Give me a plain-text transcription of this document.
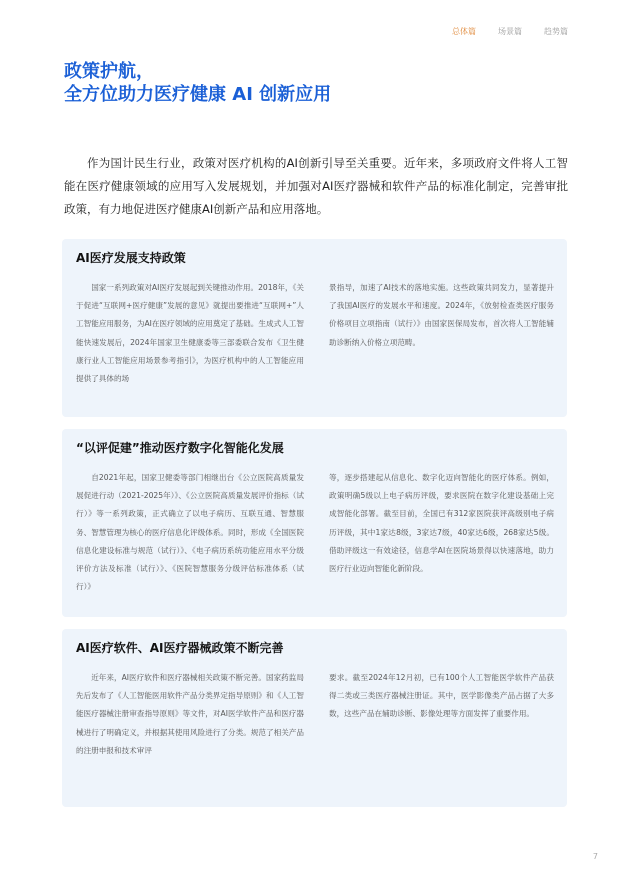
总体篇	场景篇	趋势篇
政策护航，
全方位助力医疗健康 AI 创新应用
作为国计民生行业，政策对医疗机构的AI创新引导至关重要。近年来，多项政府文件将人工智能在医疗健康领域的应用写入发展规划，并加强对AI医疗器械和软件产品的标准化制定，完善审批政策，有力地促进医疗健康AI创新产品和应用落地。
AI医疗发展支持政策
国家一系列政策对AI医疗发展起到关键推动作用。2018年，《关于促进“互联网+医疗健康”发展的意见》就提出要推进“互联网+”人工智能应用服务，为AI在医疗领域的应用奠定了基础。生成式人工智能快速发展后，2024年国家卫生健康委等三部委联合发布《卫生健康行业人工智能应用场景参考指引》，为医疗机构中的人工智能应用提供了具体的场
景指导，加速了AI技术的落地实施。这些政策共同发力，显著提升了我国AI医疗的发展水平和速度。2024年，《放射检查类医疗服务价格项目立项指南（试行）》由国家医保局发布，首次将人工智能辅助诊断纳入价格立项范畴。
“以评促建”推动医疗数字化智能化发展
自2021年起，国家卫健委等部门相继出台《公立医院高质量发展促进行动（2021-2025年）》、《公立医院高质量发展评价指标（试行）》等一系列政策，正式确立了以电子病历、互联互通、智慧服务、智慧管理为核心的医疗信息化评级体系。同时，形成《全国医院信息化建设标准与规范（试行）》、《电子病历系统功能应用水平分级评价方法及标准（试行）》、《医院智慧服务分级评估标准体系（试行）》
等，逐步搭建起从信息化、数字化迈向智能化的医疗体系。例如，政策明确5级以上电子病历评级，要求医院在数字化建设基础上完成智能化部署。截至目前，全国已有312家医院获评高级别电子病历评级，其中1家达8级，3家达7级，40家达6级，268家达5级。借助评级这一有效途径，信息学AI在医院场景得以快速落地，助力医疗行业迈向智能化新阶段。
AI医疗软件、AI医疗器械政策不断完善
近年来，AI医疗软件和医疗器械相关政策不断完善。国家药监局先后发布了《人工智能医用软件产品分类界定指导原则》和《人工智能医疗器械注册审查指导原则》等文件，对AI医学软件产品和医疗器械进行了明确定义，并根据其使用风险进行了分类。规范了相关产品的注册申报和技术审评
要求。截至2024年12月初，已有100个人工智能医学软件产品获得二类或三类医疗器械注册证。其中，医学影像类产品占据了大多数，这些产品在辅助诊断、影像处理等方面发挥了重要作用。
7
